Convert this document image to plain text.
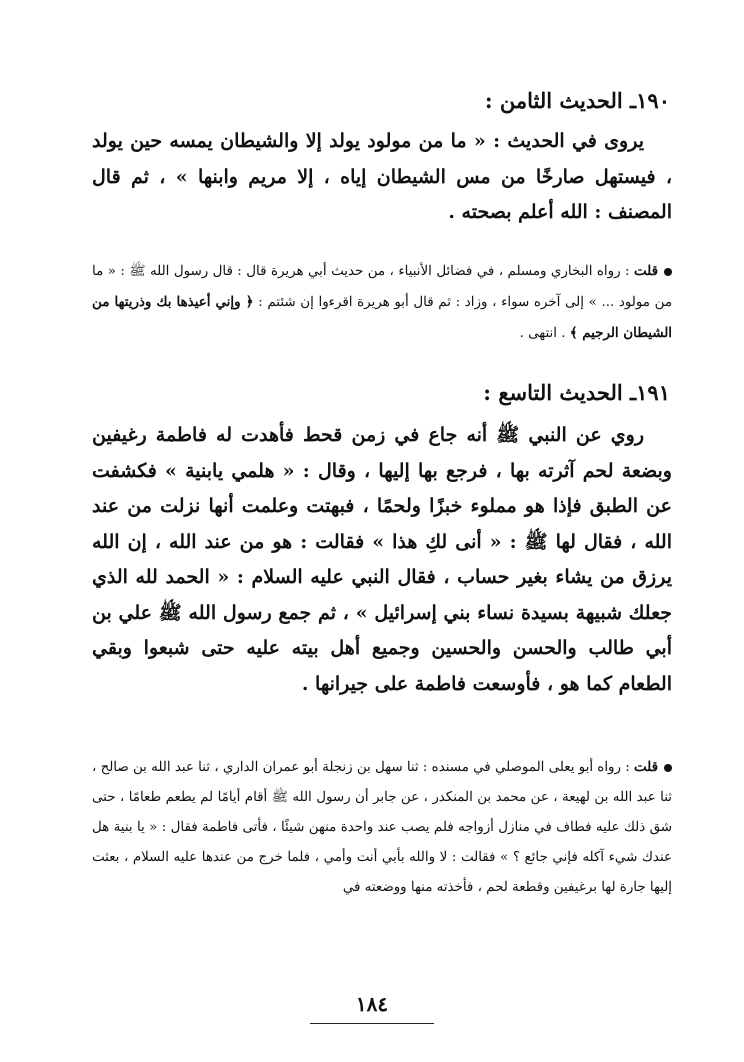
١٩٠ـ الحديث الثامن :
يروى في الحديث : « ما من مولود يولد إلا والشيطان يمسه حين يولد ، فيستهل صارخًا من مس الشيطان إياه ، إلا مريم وابنها » ، ثم قال المصنف : الله أعلم بصحته .
قلت : رواه البخاري ومسلم ، في فضائل الأنبياء ، من حديث أبي هريرة قال : قال رسول الله ﷺ : « ما من مولود ... » إلى آخره سواء ، وزاد : ثم قال أبو هريرة اقرءوا إن شئتم : ﴿ وإني أعيذها بك وذريتها من الشيطان الرجيم ﴾ . انتهى .
١٩١ـ الحديث التاسع :
روي عن النبي ﷺ أنه جاع في زمن قحط فأهدت له فاطمة رغيفين وبضعة لحم آثرته بها ، فرجع بها إليها ، وقال : « هلمي يابنية » فكشفت عن الطبق فإذا هو مملوء خبزًا ولحمًا ، فبهتت وعلمت أنها نزلت من عند الله ، فقال لها ﷺ : « أنى لكِ هذا » فقالت : هو من عند الله ، إن الله يرزق من يشاء بغير حساب ، فقال النبي عليه السلام : « الحمد لله الذي جعلك شبيهة بسيدة نساء بني إسرائيل » ، ثم جمع رسول الله ﷺ علي بن أبي طالب والحسن والحسين وجميع أهل بيته عليه حتى شبعوا وبقي الطعام كما هو ، فأوسعت فاطمة على جيرانها .
قلت : رواه أبو يعلى الموصلي في مسنده : ثنا سهل بن زنجلة أبو عمران الداري ، ثنا عبد الله بن صالح ، ثنا عبد الله بن لهيعة ، عن محمد بن المنكدر ، عن جابر أن رسول الله ﷺ أقام أيامًا لم يطعم طعامًا ، حتى شق ذلك عليه فطاف في منازل أزواجه فلم يصب عند واحدة منهن شيئًا ، فأتى فاطمة فقال : « يا بنية هل عندك شيء آكله فإني جائع ؟ » فقالت : لا والله بأبي أنت وأمي ، فلما خرج من عندها عليه السلام ، بعثت إليها جارة لها برغيفين وقطعة لحم ، فأخذته منها ووضعته في
١٨٤
